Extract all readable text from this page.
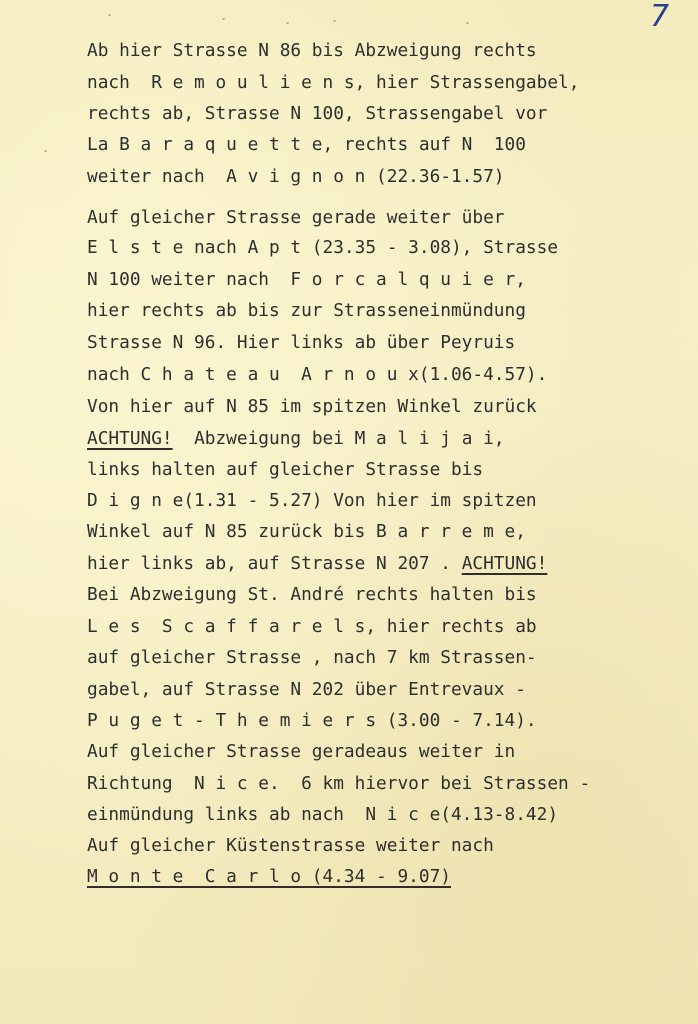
7
Ab hier Strasse N 86 bis Abzweigung rechts
nach  R e m o u l i e n s, hier Strassengabel,
rechts ab, Strasse N 100, Strassengabel vor
La B a r a q u e t t e, rechts auf N  100
weiter nach  A v i g n o n (22.36-1.57)
Auf gleicher Strasse gerade weiter über
E l s t e nach A p t (23.35 - 3.08), Strasse
N 100 weiter nach  F o r c a l q u i e r,
hier rechts ab bis zur Strasseneinmündung
Strasse N 96. Hier links ab über Peyruis
nach C h a t e a u  A r n o u x(1.06-4.57).
Von hier auf N 85 im spitzen Winkel zurück
ACHTUNG!  Abzweigung bei M a l i j a i,
links halten auf gleicher Strasse bis
D i g n e(1.31 - 5.27) Von hier im spitzen
Winkel auf N 85 zurück bis B a r r e m e,
hier links ab, auf Strasse N 207 . ACHTUNG!
Bei Abzweigung St. André rechts halten bis
L e s  S c a f f a r e l s, hier rechts ab
auf gleicher Strasse , nach 7 km Strassen-
gabel, auf Strasse N 202 über Entrevaux -
P u g e t - T h e m i e r s (3.00 - 7.14).
Auf gleicher Strasse geradeaus weiter in
Richtung  N i c e.  6 km hiervor bei Strassen -
einmündung links ab nach  N i c e(4.13-8.42)
Auf gleicher Küstenstrasse weiter nach
M o n t e  C a r l o (4.34 - 9.07)
